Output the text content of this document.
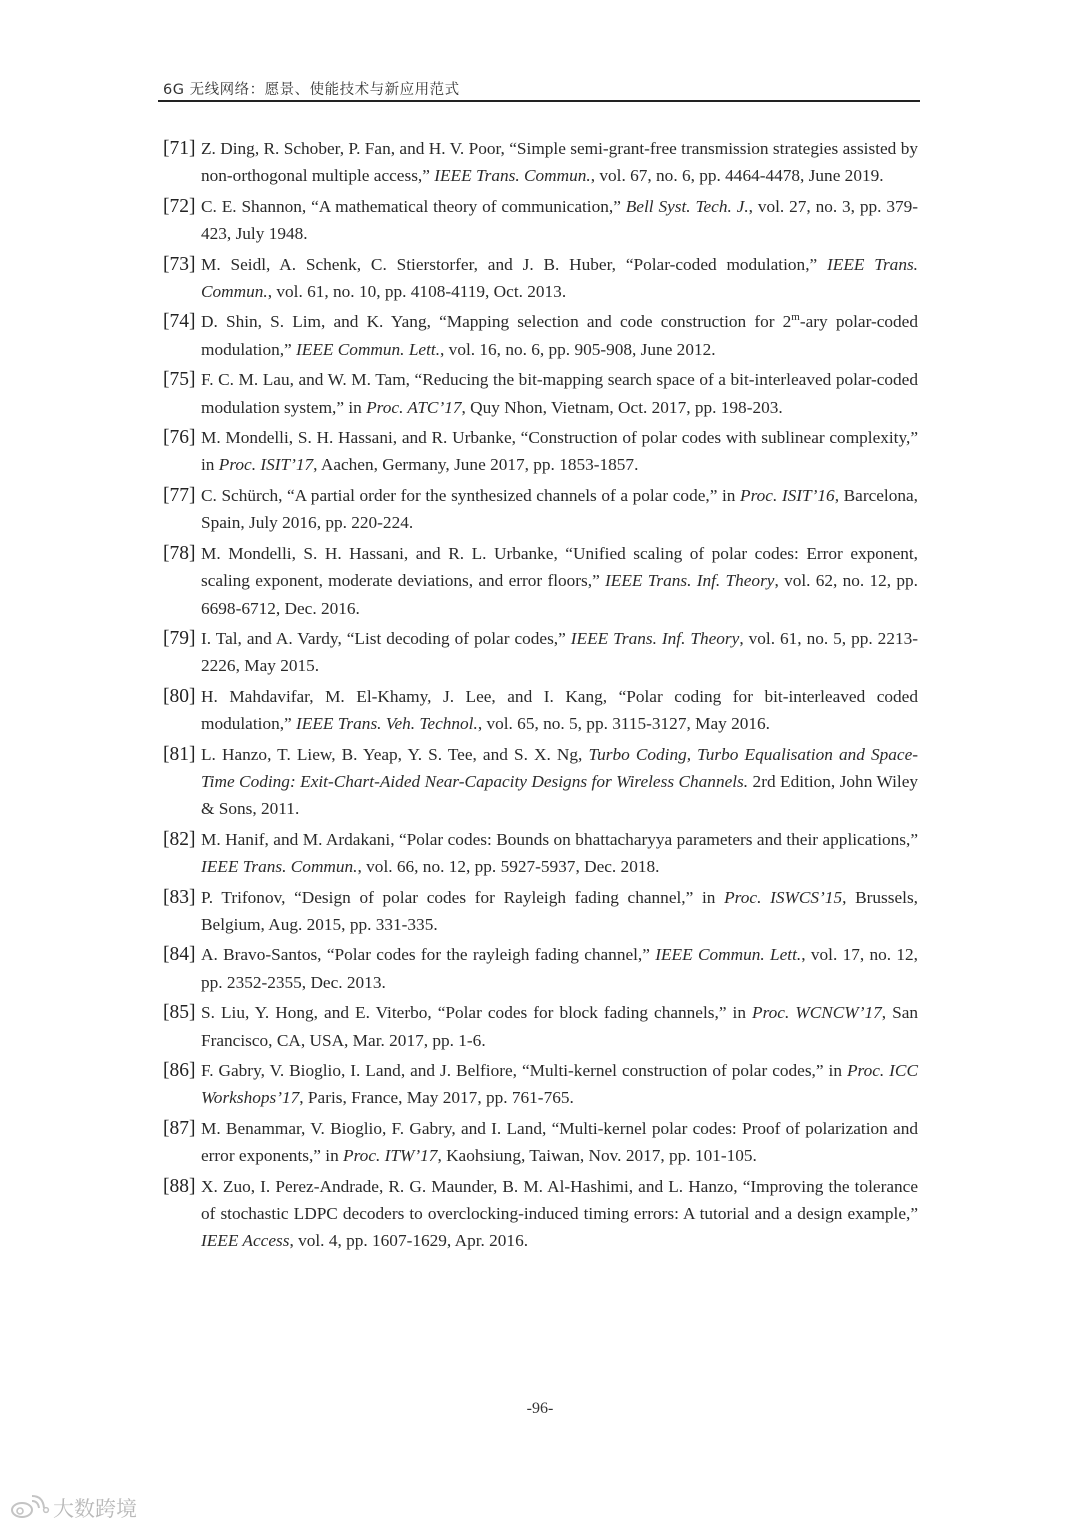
6G 无线网络：愿景、使能技术与新应用范式
[71] Z. Ding, R. Schober, P. Fan, and H. V. Poor, “Simple semi-grant-free transmission strategies assisted by non-orthogonal multiple access,” IEEE Trans. Commun., vol. 67, no. 6, pp. 4464-4478, June 2019.
[72] C. E. Shannon, “A mathematical theory of communication,” Bell Syst. Tech. J., vol. 27, no. 3, pp. 379-423, July 1948.
[73] M. Seidl, A. Schenk, C. Stierstorfer, and J. B. Huber, “Polar-coded modulation,” IEEE Trans. Commun., vol. 61, no. 10, pp. 4108-4119, Oct. 2013.
[74] D. Shin, S. Lim, and K. Yang, “Mapping selection and code construction for 2$^m$-ary polar-coded modulation,” IEEE Commun. Lett., vol. 16, no. 6, pp. 905-908, June 2012.
[75] F. C. M. Lau, and W. M. Tam, “Reducing the bit-mapping search space of a bit-interleaved polar-coded modulation system,” in Proc. ATC’17, Quy Nhon, Vietnam, Oct. 2017, pp. 198-203.
[76] M. Mondelli, S. H. Hassani, and R. Urbanke, “Construction of polar codes with sublinear complexity,” in Proc. ISIT’17, Aachen, Germany, June 2017, pp. 1853-1857.
[77] C. Schürch, “A partial order for the synthesized channels of a polar code,” in Proc. ISIT’16, Barcelona, Spain, July 2016, pp. 220-224.
[78] M. Mondelli, S. H. Hassani, and R. L. Urbanke, “Unified scaling of polar codes: Error exponent, scaling exponent, moderate deviations, and error floors,” IEEE Trans. Inf. Theory, vol. 62, no. 12, pp. 6698-6712, Dec. 2016.
[79] I. Tal, and A. Vardy, “List decoding of polar codes,” IEEE Trans. Inf. Theory, vol. 61, no. 5, pp. 2213-2226, May 2015.
[80] H. Mahdavifar, M. El-Khamy, J. Lee, and I. Kang, “Polar coding for bit-interleaved coded modulation,” IEEE Trans. Veh. Technol., vol. 65, no. 5, pp. 3115-3127, May 2016.
[81] L. Hanzo, T. Liew, B. Yeap, Y. S. Tee, and S. X. Ng, Turbo Coding, Turbo Equalisation and Space-Time Coding: Exit-Chart-Aided Near-Capacity Designs for Wireless Channels. 2rd Edition, John Wiley & Sons, 2011.
[82] M. Hanif, and M. Ardakani, “Polar codes: Bounds on bhattacharyya parameters and their applications,” IEEE Trans. Commun., vol. 66, no. 12, pp. 5927-5937, Dec. 2018.
[83] P. Trifonov, “Design of polar codes for Rayleigh fading channel,” in Proc. ISWCS’15, Brussels, Belgium, Aug. 2015, pp. 331-335.
[84] A. Bravo-Santos, “Polar codes for the rayleigh fading channel,” IEEE Commun. Lett., vol. 17, no. 12, pp. 2352-2355, Dec. 2013.
[85] S. Liu, Y. Hong, and E. Viterbo, “Polar codes for block fading channels,” in Proc. WCNCW’17, San Francisco, CA, USA, Mar. 2017, pp. 1-6.
[86] F. Gabry, V. Bioglio, I. Land, and J. Belfiore, “Multi-kernel construction of polar codes,” in Proc. ICC Workshops’17, Paris, France, May 2017, pp. 761-765.
[87] M. Benammar, V. Bioglio, F. Gabry, and I. Land, “Multi-kernel polar codes: Proof of polarization and error exponents,” in Proc. ITW’17, Kaohsiung, Taiwan, Nov. 2017, pp. 101-105.
[88] X. Zuo, I. Perez-Andrade, R. G. Maunder, B. M. Al-Hashimi, and L. Hanzo, “Improving the tolerance of stochastic LDPC decoders to overclocking-induced timing errors: A tutorial and a design example,” IEEE Access, vol. 4, pp. 1607-1629, Apr. 2016.
-96-
大数跨境
